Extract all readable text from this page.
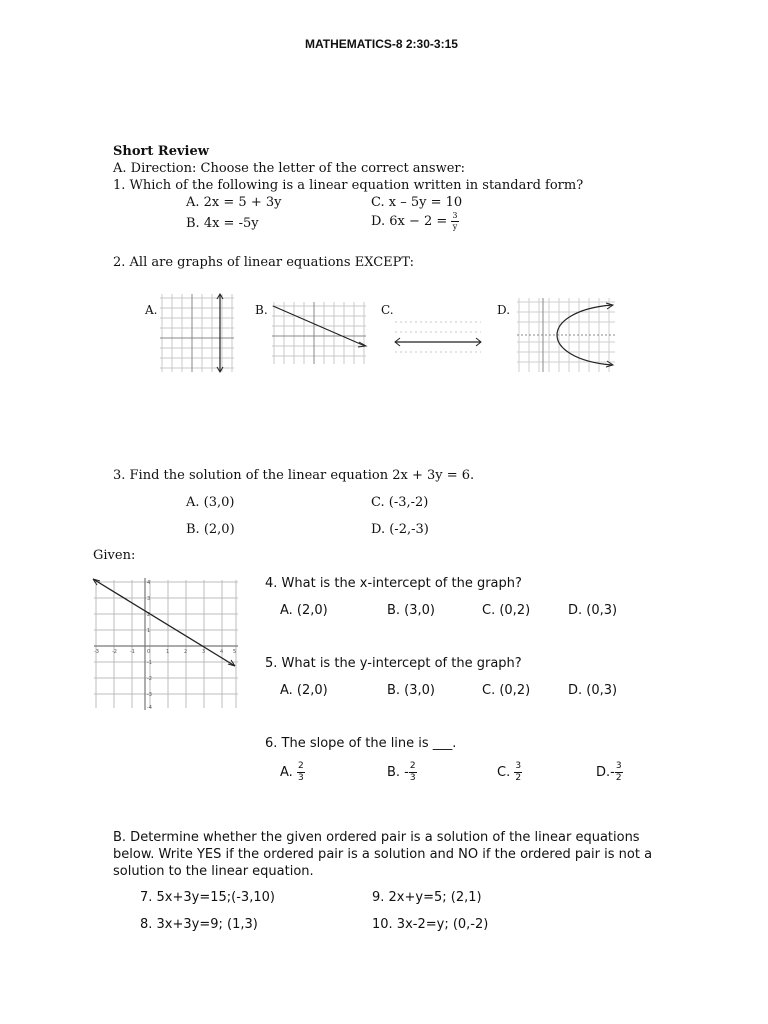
MATHEMATICS-8 2:30-3:15
Short Review
A. Direction: Choose the letter of the correct answer:
1. Which of the following is a linear equation written in standard form?
A. 2x = 5 + 3y	C. x – 5y = 10
B. 4x = -5y	D. $6x - 2 = \frac{3}{y}$
2. All are graphs of linear equations EXCEPT:
A.	B.	C.	D.
3. Find the solution of the linear equation 2x + 3y = 6.
A. (3,0)	C. (-3,-2)
B. (2,0)	D. (-2,-3)
Given:
-3	-2	-1 0	1	2	3	4 5
4
3
2
1
-1
-2
-3
-4
4. What is the x-intercept of the graph?
A. (2,0)	B. (3,0)	C. (0,2)	D. (0,3)
5. What is the y-intercept of the graph?
A. (2,0)	B. (3,0)	C. (0,2)	D. (0,3)
6. The slope of the line is ___.
A. $\frac{2}{3}$	B. - $\frac{2}{3}$	C. $\frac{3}{2}$	$D.- \frac{3}{2}$
B. Determine whether the given ordered pair is a solution of the linear equations below. Write YES if the ordered pair is a solution and NO if the ordered pair is not a solution to the linear equation.
7. 5x+3y=15;(-3,10)	9. 2x+y=5; (2,1)
8. 3x+3y=9; (1,3)	10. 3x-2=y; (0,-2)
